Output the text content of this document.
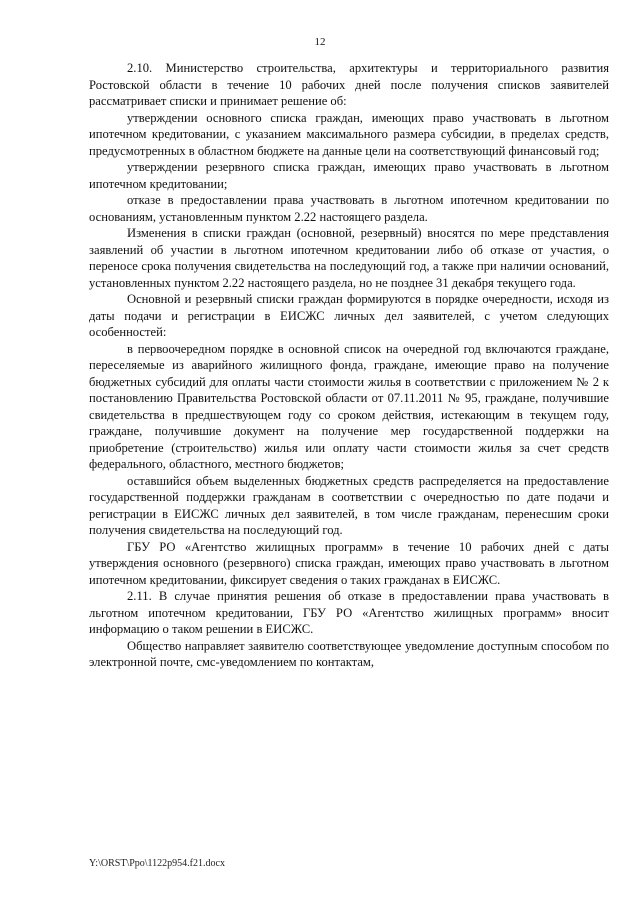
12

2.10. Министерство строительства, архитектуры и территориального развития Ростовской области в течение 10 рабочих дней после получения списков заявителей рассматривает списки и принимает решение об:

утверждении основного списка граждан, имеющих право участвовать в льготном ипотечном кредитовании, с указанием максимального размера субсидии, в пределах средств, предусмотренных в областном бюджете на данные цели на соответствующий финансовый год;

утверждении резервного списка граждан, имеющих право участвовать в льготном ипотечном кредитовании;

отказе в предоставлении права участвовать в льготном ипотечном кредитовании по основаниям, установленным пунктом 2.22 настоящего раздела.

Изменения в списки граждан (основной, резервный) вносятся по мере представления заявлений об участии в льготном ипотечном кредитовании либо об отказе от участия, о переносе срока получения свидетельства на последующий год, а также при наличии оснований, установленных пунктом 2.22 настоящего раздела, но не позднее 31 декабря текущего года.

Основной и резервный списки граждан формируются в порядке очередности, исходя из даты подачи и регистрации в ЕИСЖС личных дел заявителей, с учетом следующих особенностей:

в первоочередном порядке в основной список на очередной год включаются граждане, переселяемые из аварийного жилищного фонда, граждане, имеющие право на получение бюджетных субсидий для оплаты части стоимости жилья в соответствии с приложением № 2 к постановлению Правительства Ростовской области от 07.11.2011 № 95, граждане, получившие свидетельства в предшествующем году со сроком действия, истекающим в текущем году, граждане, получившие документ на получение мер государственной поддержки на приобретение (строительство) жилья или оплату части стоимости жилья за счет средств федерального, областного, местного бюджетов;

оставшийся объем выделенных бюджетных средств распределяется на предоставление государственной поддержки гражданам в соответствии с очередностью по дате подачи и регистрации в ЕИСЖС личных дел заявителей, в том числе гражданам, перенесшим сроки получения свидетельства на последующий год.

ГБУ РО «Агентство жилищных программ» в течение 10 рабочих дней с даты утверждения основного (резервного) списка граждан, имеющих право участвовать в льготном ипотечном кредитовании, фиксирует сведения о таких гражданах в ЕИСЖС.

2.11. В случае принятия решения об отказе в предоставлении права участвовать в льготном ипотечном кредитовании, ГБУ РО «Агентство жилищных программ» вносит информацию о таком решении в ЕИСЖС.

Общество направляет заявителю соответствующее уведомление доступным способом по электронной почте, смс-уведомлением по контактам,

Y:\ORST\Ppo\1122p954.f21.docx
